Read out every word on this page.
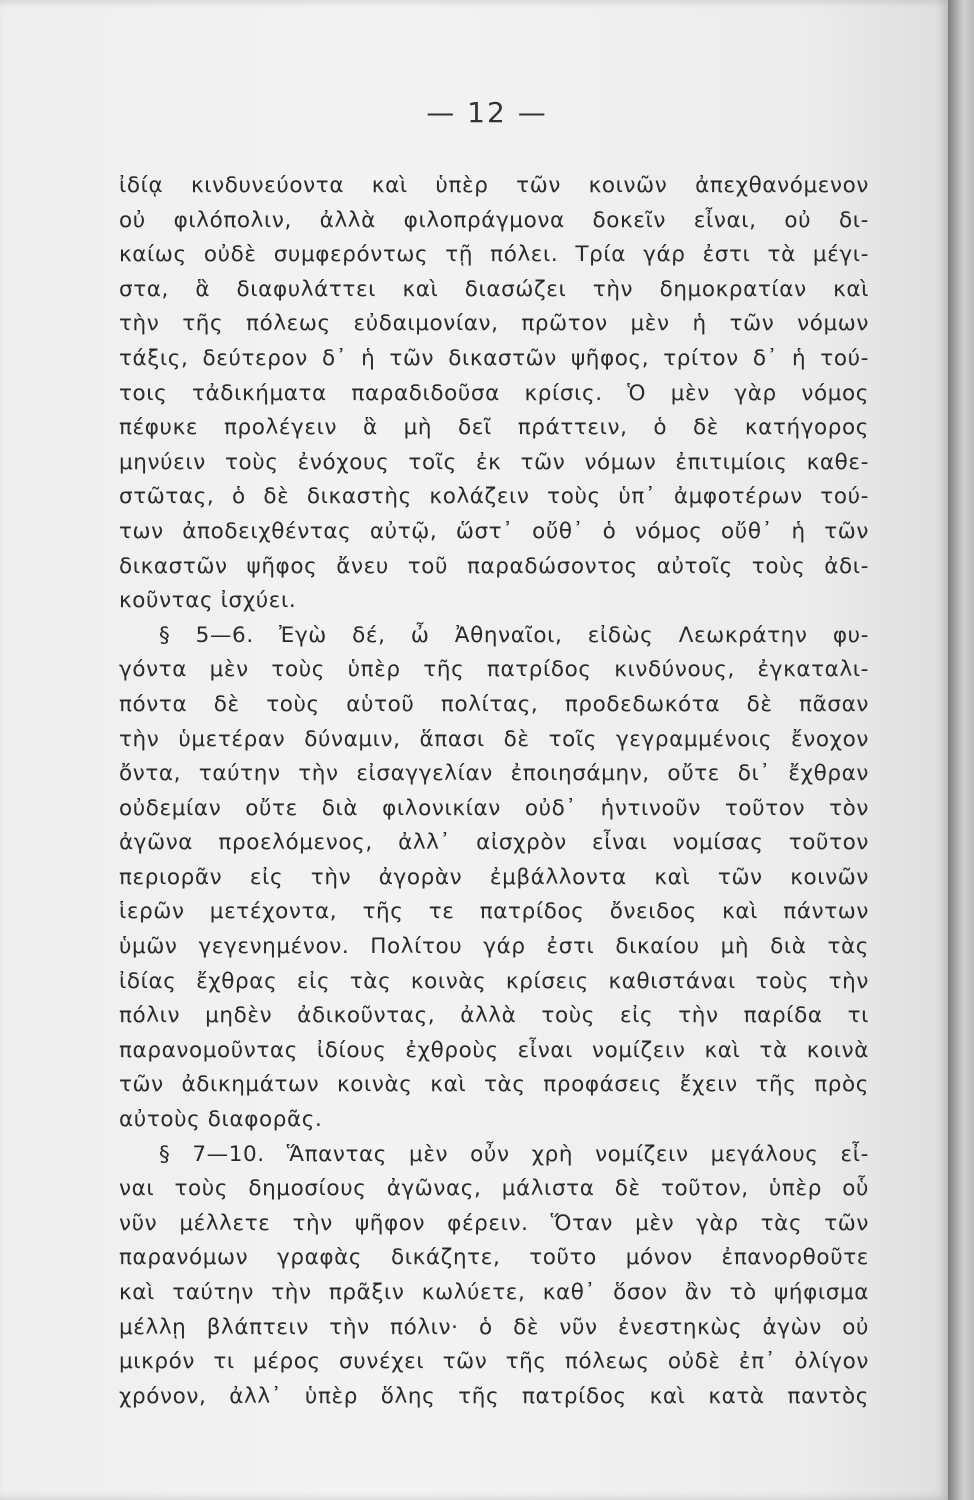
— 12 —
ἰδίᾳ κινδυνεύοντα καὶ ὑπὲρ τῶν κοινῶν ἀπεχθανόμενον
οὐ φιλόπολιν, ἀλλὰ φιλοπράγμονα δοκεῖν εἶναι, οὐ δι-
καίως οὐδὲ συμφερόντως τῇ πόλει. Τρία γάρ ἐστι τὰ μέγι-
στα, ἃ διαφυλάττει καὶ διασώζει τὴν δημοκρατίαν καὶ
τὴν τῆς πόλεως εὐδαιμονίαν, πρῶτον μὲν ἡ τῶν νόμων
τάξις, δεύτερον δ᾽ ἡ τῶν δικαστῶν ψῆφος, τρίτον δ᾽ ἡ τού-
τοις τἀδικήματα παραδιδοῦσα κρίσις. Ὁ μὲν γὰρ νόμος
πέφυκε προλέγειν ἃ μὴ δεῖ πράττειν, ὁ δὲ κατήγορος
μηνύειν τοὺς ἐνόχους τοῖς ἐκ τῶν νόμων ἐπιτιμίοις καθε-
στῶτας, ὁ δὲ δικαστὴς κολάζειν τοὺς ὑπ᾽ ἀμφοτέρων τού-
των ἀποδειχθέντας αὐτῷ, ὥστ᾽ οὔθ᾽ ὁ νόμος οὔθ᾽ ἡ τῶν
δικαστῶν ψῆφος ἄνευ τοῦ παραδώσοντος αὐτοῖς τοὺς ἀδι-
κοῦντας ἰσχύει.
§ 5—6. Ἐγὼ δέ, ὦ Ἀθηναῖοι, εἰδὼς Λεωκράτην φυ-
γόντα μὲν τοὺς ὑπὲρ τῆς πατρίδος κινδύνους, ἐγκαταλι-
πόντα δὲ τοὺς αὑτοῦ πολίτας, προδεδωκότα δὲ πᾶσαν
τὴν ὑμετέραν δύναμιν, ἅπασι δὲ τοῖς γεγραμμένοις ἔνοχον
ὄντα, ταύτην τὴν εἰσαγγελίαν ἐποιησάμην, οὔτε δι᾽ ἔχθραν
οὐδεμίαν οὔτε διὰ φιλονικίαν οὐδ᾽ ἡντινοῦν τοῦτον τὸν
ἀγῶνα προελόμενος, ἀλλ᾽ αἰσχρὸν εἶναι νομίσας τοῦτον
περιορᾶν εἰς τὴν ἀγορὰν ἐμβάλλοντα καὶ τῶν κοινῶν
ἱερῶν μετέχοντα, τῆς τε πατρίδος ὄνειδος καὶ πάντων
ὑμῶν γεγενημένον. Πολίτου γάρ ἐστι δικαίου μὴ διὰ τὰς
ἰδίας ἔχθρας εἰς τὰς κοινὰς κρίσεις καθιστάναι τοὺς τὴν
πόλιν μηδὲν ἀδικοῦντας, ἀλλὰ τοὺς εἰς τὴν παρίδα τι
παρανομοῦντας ἰδίους ἐχθροὺς εἶναι νομίζειν καὶ τὰ κοινὰ
τῶν ἀδικημάτων κοινὰς καὶ τὰς προφάσεις ἔχειν τῆς πρὸς
αὐτοὺς διαφορᾶς.
§ 7—10. Ἅπαντας μὲν οὖν χρὴ νομίζειν μεγάλους εἶ-
ναι τοὺς δημοσίους ἀγῶνας, μάλιστα δὲ τοῦτον, ὑπὲρ οὗ
νῦν μέλλετε τὴν ψῆφον φέρειν. Ὅταν μὲν γὰρ τὰς τῶν
παρανόμων γραφὰς δικάζητε, τοῦτο μόνον ἐπανορθοῦτε
καὶ ταύτην τὴν πρᾶξιν κωλύετε, καθ᾽ ὅσον ἂν τὸ ψήφισμα
μέλλῃ βλάπτειν τὴν πόλιν· ὁ δὲ νῦν ἐνεστηκὼς ἀγὼν οὐ
μικρόν τι μέρος συνέχει τῶν τῆς πόλεως οὐδὲ ἐπ᾽ ὀλίγον
χρόνον, ἀλλ᾽ ὑπὲρ ὅλης τῆς πατρίδος καὶ κατὰ παντὸς
